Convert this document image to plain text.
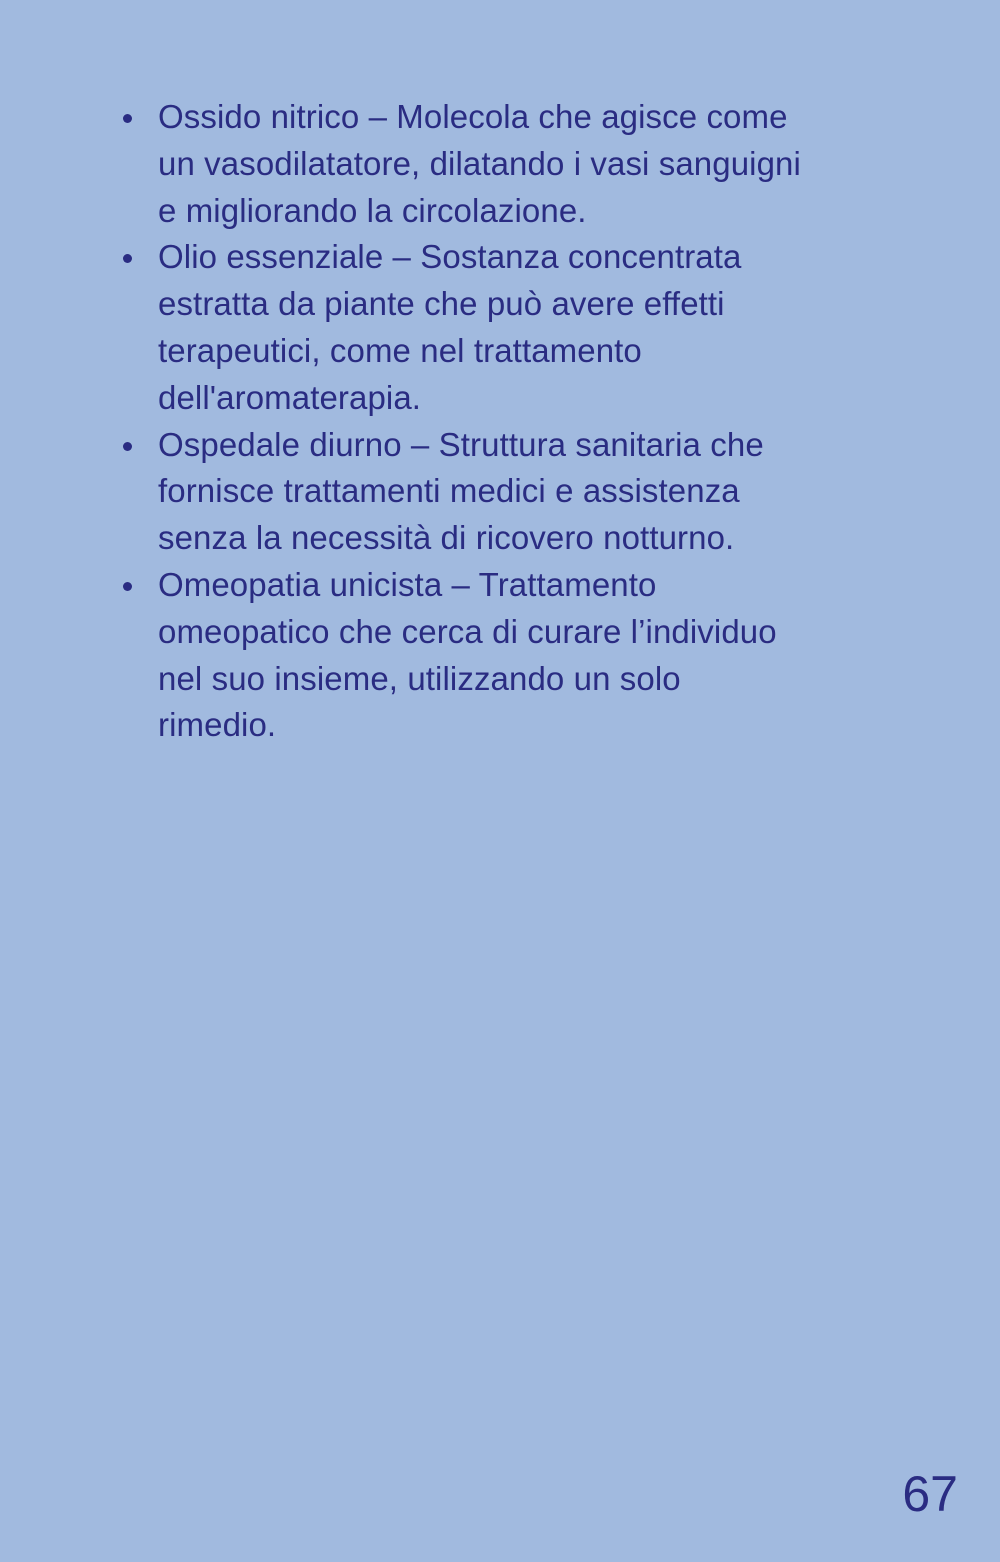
Ossido nitrico – Molecola che agisce come
un vasodilatatore, dilatando i vasi sanguigni
e migliorando la circolazione.
Olio essenziale – Sostanza concentrata
estratta da piante che può avere effetti
terapeutici, come nel trattamento
dell'aromaterapia.
Ospedale diurno – Struttura sanitaria che
fornisce trattamenti medici e assistenza
senza la necessità di ricovero notturno.
Omeopatia unicista – Trattamento
omeopatico che cerca di curare l’individuo
nel suo insieme, utilizzando un solo
rimedio.
67
